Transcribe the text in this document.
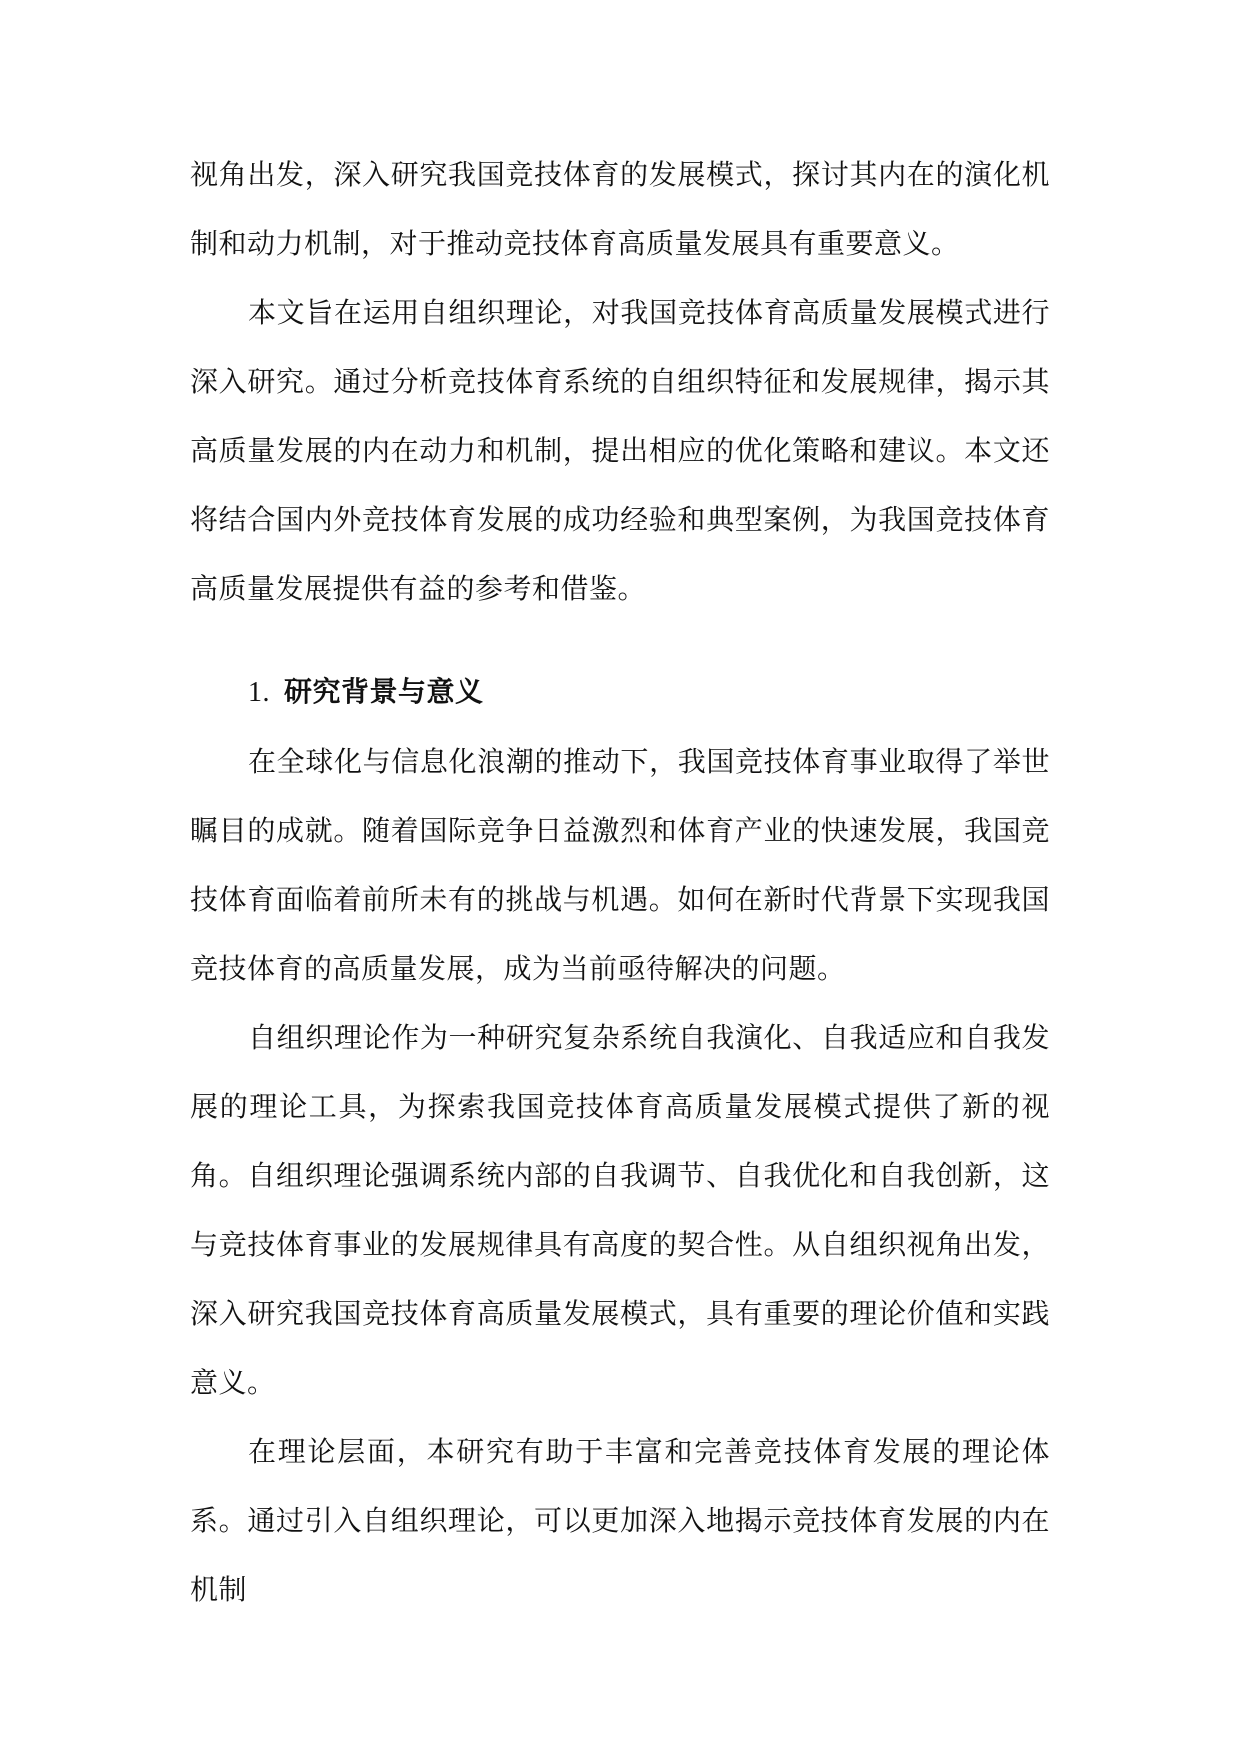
视角出发，深入研究我国竞技体育的发展模式，探讨其内在的演化机制和动力机制，对于推动竞技体育高质量发展具有重要意义。

本文旨在运用自组织理论，对我国竞技体育高质量发展模式进行深入研究。通过分析竞技体育系统的自组织特征和发展规律，揭示其高质量发展的内在动力和机制，提出相应的优化策略和建议。本文还将结合国内外竞技体育发展的成功经验和典型案例，为我国竞技体育高质量发展提供有益的参考和借鉴。

1. 研究背景与意义

在全球化与信息化浪潮的推动下，我国竞技体育事业取得了举世瞩目的成就。随着国际竞争日益激烈和体育产业的快速发展，我国竞技体育面临着前所未有的挑战与机遇。如何在新时代背景下实现我国竞技体育的高质量发展，成为当前亟待解决的问题。

自组织理论作为一种研究复杂系统自我演化、自我适应和自我发展的理论工具，为探索我国竞技体育高质量发展模式提供了新的视角。自组织理论强调系统内部的自我调节、自我优化和自我创新，这与竞技体育事业的发展规律具有高度的契合性。从自组织视角出发，深入研究我国竞技体育高质量发展模式，具有重要的理论价值和实践意义。

在理论层面，本研究有助于丰富和完善竞技体育发展的理论体系。通过引入自组织理论，可以更加深入地揭示竞技体育发展的内在机制
